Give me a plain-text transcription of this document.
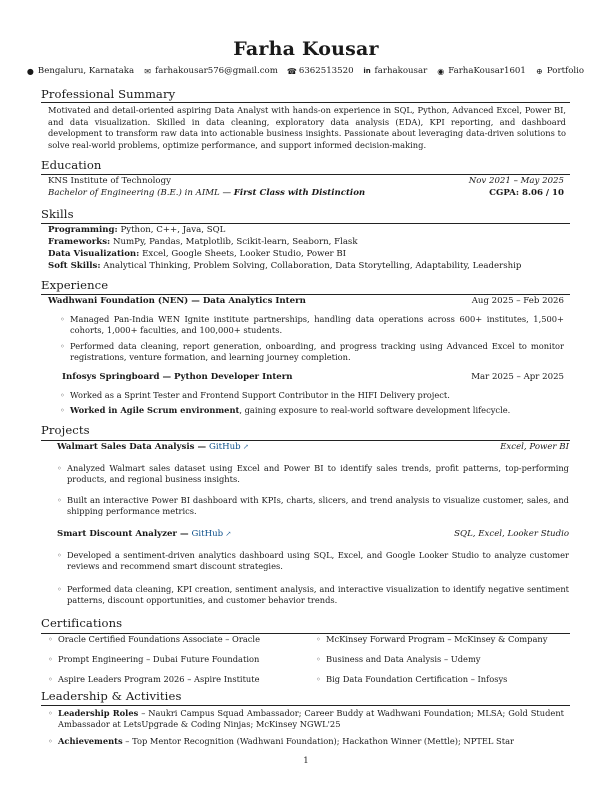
Farha Kousar
● Bengaluru, Karnataka ✉ farhakousar576@gmail.com ☎ 6362513520 in farhakousar ◉ FarhaKousar1601 ⊕ Portfolio
Professional Summary
Motivated and detail-oriented aspiring Data Analyst with hands-on experience in SQL, Python, Advanced Excel, Power BI, and data visualization. Skilled in data cleaning, exploratory data analysis (EDA), KPI reporting, and dashboard development to transform raw data into actionable business insights. Passionate about leveraging data-driven solutions to solve real-world problems, optimize performance, and support informed decision-making.
Education
KNS Institute of Technology	Nov 2021 – May 2025
Bachelor of Engineering (B.E.) in AIML — First Class with Distinction	CGPA: 8.06 / 10
Skills
Programming: Python, C++, Java, SQL
Frameworks: NumPy, Pandas, Matplotlib, Scikit-learn, Seaborn, Flask
Data Visualization: Excel, Google Sheets, Looker Studio, Power BI
Soft Skills: Analytical Thinking, Problem Solving, Collaboration, Data Storytelling, Adaptability, Leadership
Experience
Wadhwani Foundation (NEN) — Data Analytics Intern	Aug 2025 – Feb 2026
◦ Managed Pan-India WEN Ignite institute partnerships, handling data operations across 600+ institutes, 1,500+ cohorts, 1,000+ faculties, and 100,000+ students.
◦ Performed data cleaning, report generation, onboarding, and progress tracking using Advanced Excel to monitor registrations, venture formation, and learning journey completion.
Infosys Springboard — Python Developer Intern	Mar 2025 – Apr 2025
◦ Worked as a Sprint Tester and Frontend Support Contributor in the HIFI Delivery project.
◦ Worked in Agile Scrum environment, gaining exposure to real-world software development lifecycle.
Projects
Walmart Sales Data Analysis — GitHub ↗	Excel, Power BI
◦ Analyzed Walmart sales dataset using Excel and Power BI to identify sales trends, profit patterns, top-performing products, and regional business insights.
◦ Built an interactive Power BI dashboard with KPIs, charts, slicers, and trend analysis to visualize customer, sales, and shipping performance metrics.
Smart Discount Analyzer — GitHub ↗	SQL, Excel, Looker Studio
◦ Developed a sentiment-driven analytics dashboard using SQL, Excel, and Google Looker Studio to analyze customer reviews and recommend smart discount strategies.
◦ Performed data cleaning, KPI creation, sentiment analysis, and interactive visualization to identify negative sentiment patterns, discount opportunities, and customer behavior trends.
Certifications
◦ Oracle Certified Foundations Associate – Oracle	◦ McKinsey Forward Program – McKinsey & Company
◦ Prompt Engineering – Dubai Future Foundation	◦ Business and Data Analysis – Udemy
◦ Aspire Leaders Program 2026 – Aspire Institute	◦ Big Data Foundation Certification – Infosys
Leadership & Activities
◦ Leadership Roles – Naukri Campus Squad Ambassador; Career Buddy at Wadhwani Foundation; MLSA; Gold Student Ambassador at LetsUpgrade & Coding Ninjas; McKinsey NGWL'25
◦ Achievements – Top Mentor Recognition (Wadhwani Foundation); Hackathon Winner (Mettle); NPTEL Star
1
